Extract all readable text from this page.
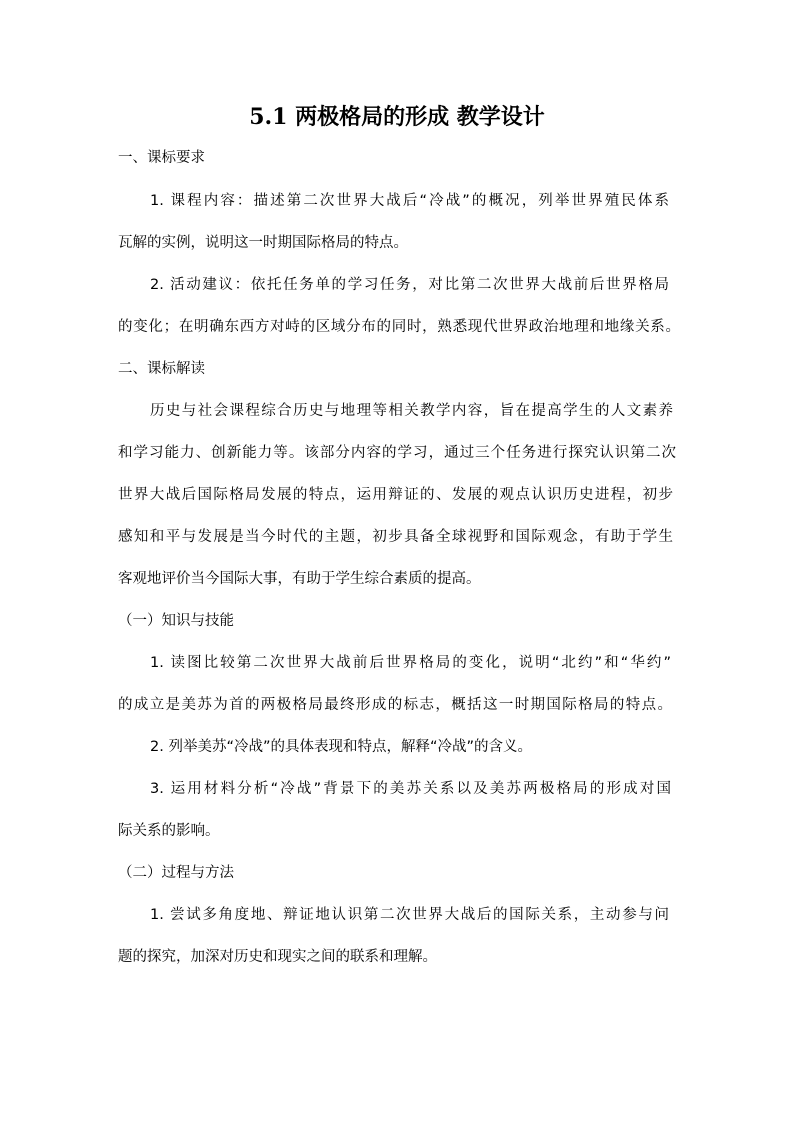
5.1 两极格局的形成 教学设计
一、课标要求
1. 课程内容：描述第二次世界大战后“冷战”的概况，列举世界殖民体系
瓦解的实例，说明这一时期国际格局的特点。
2. 活动建议：依托任务单的学习任务，对比第二次世界大战前后世界格局
的变化；在明确东西方对峙的区域分布的同时，熟悉现代世界政治地理和地缘关系。
二、课标解读
历史与社会课程综合历史与地理等相关教学内容，旨在提高学生的人文素养
和学习能力、创新能力等。该部分内容的学习，通过三个任务进行探究认识第二次
世界大战后国际格局发展的特点，运用辩证的、发展的观点认识历史进程，初步
感知和平与发展是当今时代的主题，初步具备全球视野和国际观念，有助于学生
客观地评价当今国际大事，有助于学生综合素质的提高。
（一）知识与技能
1. 读图比较第二次世界大战前后世界格局的变化，说明“北约”和“华约”
的成立是美苏为首的两极格局最终形成的标志，概括这一时期国际格局的特点。
2. 列举美苏“冷战”的具体表现和特点，解释“冷战”的含义。
3. 运用材料分析“冷战”背景下的美苏关系以及美苏两极格局的形成对国
际关系的影响。
（二）过程与方法
1. 尝试多角度地、辩证地认识第二次世界大战后的国际关系，主动参与问
题的探究，加深对历史和现实之间的联系和理解。
